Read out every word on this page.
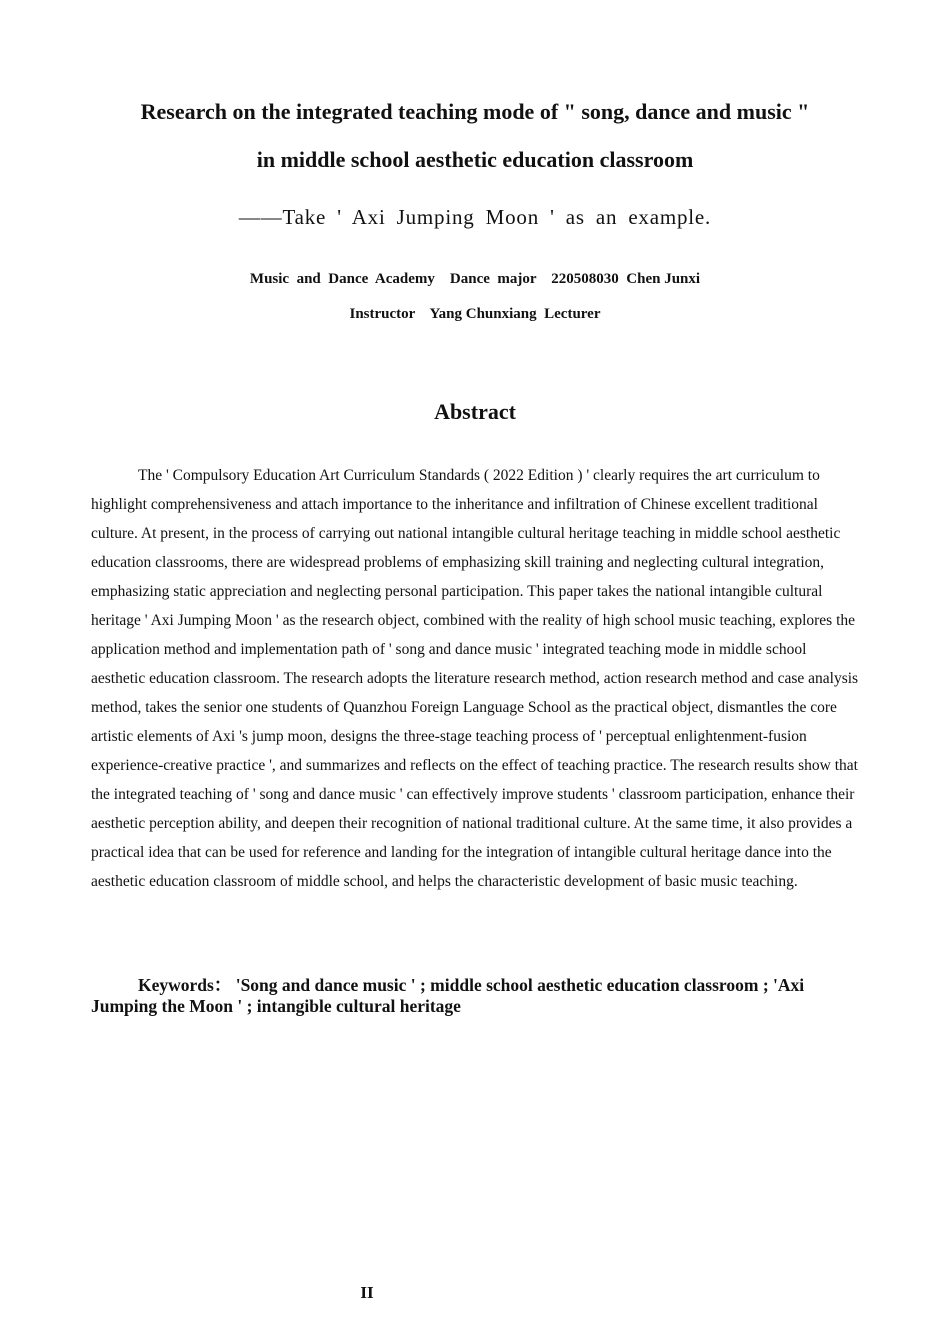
Research on the integrated teaching mode of " song, dance and music "
in middle school aesthetic education classroom

——Take ' Axi Jumping Moon ' as an example.

Music  and  Dance  Academy    Dance  major    220508030  Chen Junxi

Instructor    Yang Chunxiang  Lecturer

Abstract

The ' Compulsory Education Art Curriculum Standards ( 2022 Edition ) ' clearly requires the art curriculum to highlight comprehensiveness and attach importance to the inheritance and infiltration of Chinese excellent traditional culture. At present, in the process of carrying out national intangible cultural heritage teaching in middle school aesthetic education classrooms, there are widespread problems of emphasizing skill training and neglecting cultural integration, emphasizing static appreciation and neglecting personal participation. This paper takes the national intangible cultural heritage ' Axi Jumping Moon ' as the research object, combined with the reality of high school music teaching, explores the application method and implementation path of ' song and dance music ' integrated teaching mode in middle school aesthetic education classroom. The research adopts the literature research method, action research method and case analysis method, takes the senior one students of Quanzhou Foreign Language School as the practical object, dismantles the core artistic elements of Axi 's jump moon, designs the three-stage teaching process of ' perceptual enlightenment-fusion experience-creative practice ', and summarizes and reflects on the effect of teaching practice. The research results show that the integrated teaching of ' song and dance music ' can effectively improve students ' classroom participation, enhance their aesthetic perception ability, and deepen their recognition of national traditional culture. At the same time, it also provides a practical idea that can be used for reference and landing for the integration of intangible cultural heritage dance into the aesthetic education classroom of middle school, and helps the characteristic development of basic music teaching.

Keywords： 'Song and dance music ' ; middle school aesthetic education classroom ; 'Axi Jumping the Moon ' ; intangible cultural heritage

II
